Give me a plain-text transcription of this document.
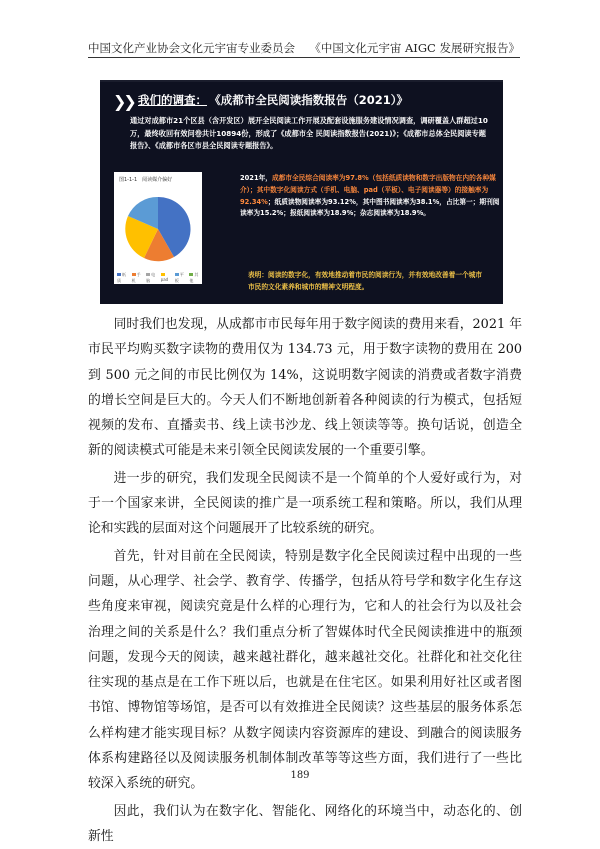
中国文化产业协会文化元宇宙专业委员会 《中国文化元宇宙 AIGC 发展研究报告》
❯❯ 我们的调查： 《成都市全民阅读指数报告（2021）》
通过对成都市21个区县（含开发区）展开全民阅读工作开展及配套设施服务建设情况调查，调研覆盖人群超过10万，最终收回有效问卷共计10894份，形成了《成都市全 民阅读指数报告(2021)》；《成都市总体全民阅读专题报告》、《成都市各区市县全民阅读专题报告》。
图1-1-1　阅读媒介偏好
纸质
手机
电脑	pad
平板
其他
2021年，成都市全民综合阅读率为97.8%（包括纸质读物和数字出版物在内的各种媒介）；其中数字化阅读方式（手机、电脑、pad（平板）、电子阅读器等）的接触率为92.34%；纸质读物阅读率为93.12%，其中图书阅读率为38.1%，占比第一；期刊阅读率为15.2%；报纸阅读率为18.9%；杂志阅读率为18.9%。
表明：阅读的数字化，有效地推动着市民的阅读行为，并有效地改善着一个城市市民的文化素养和城市的精神文明程度。

同时我们也发现，从成都市市民每年用于数字阅读的费用来看，2021 年市民平均购买数字读物的费用仅为 134.73 元，用于数字读物的费用在 200 到 500 元之间的市民比例仅为 14%，这说明数字阅读的消费或者数字消费的增长空间是巨大的。今天人们不断地创新着各种阅读的行为模式，包括短视频的发布、直播卖书、线上读书沙龙、线上领读等等。换句话说，创造全新的阅读模式可能是未来引领全民阅读发展的一个重要引擎。

进一步的研究，我们发现全民阅读不是一个简单的个人爱好或行为，对于一个国家来讲，全民阅读的推广是一项系统工程和策略。所以，我们从理论和实践的层面对这个问题展开了比较系统的研究。

首先，针对目前在全民阅读，特别是数字化全民阅读过程中出现的一些问题，从心理学、社会学、教育学、传播学，包括从符号学和数字化生存这些角度来审视，阅读究竟是什么样的心理行为，它和人的社会行为以及社会治理之间的关系是什么？我们重点分析了智媒体时代全民阅读推进中的瓶颈问题，发现今天的阅读，越来越社群化，越来越社交化。社群化和社交化往往实现的基点是在工作下班以后，也就是在住宅区。如果利用好社区或者图书馆、博物馆等场馆，是否可以有效推进全民阅读？这些基层的服务体系怎么样构建才能实现目标？从数字阅读内容资源库的建设、到融合的阅读服务体系构建路径以及阅读服务机制体制改革等等这些方面，我们进行了一些比较深入系统的研究。

因此，我们认为在数字化、智能化、网络化的环境当中，动态化的、创新性

189
